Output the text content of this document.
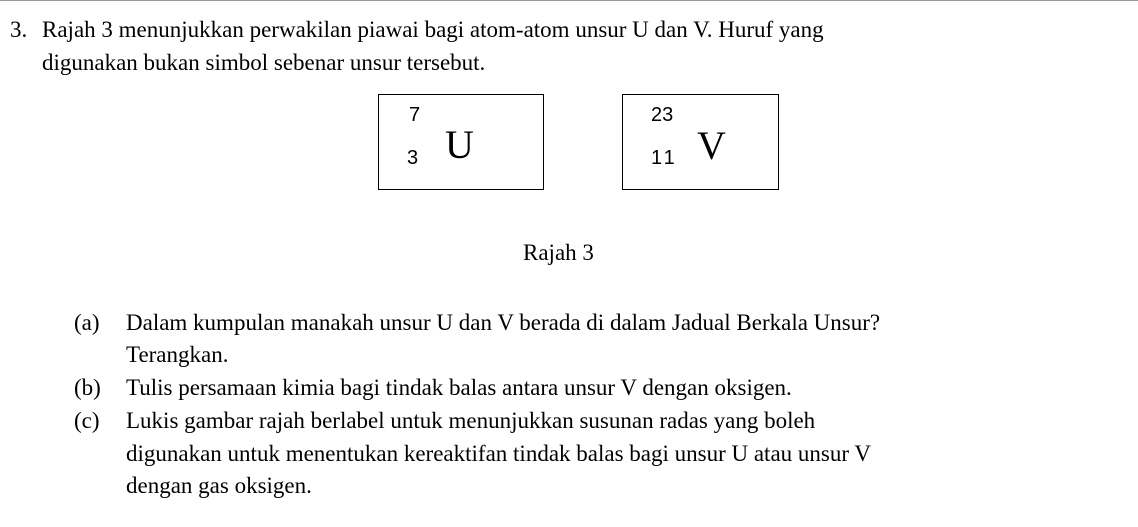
3. Rajah 3 menunjukkan perwakilan piawai bagi atom-atom unsur U dan V. Huruf yang
digunakan bukan simbol sebenar unsur tersebut.
7
3 U
23
11 V
Rajah 3
(a) Dalam kumpulan manakah unsur U dan V berada di dalam Jadual Berkala Unsur?
Terangkan.
(b) Tulis persamaan kimia bagi tindak balas antara unsur V dengan oksigen.
(c) Lukis gambar rajah berlabel untuk menunjukkan susunan radas yang boleh
digunakan untuk menentukan kereaktifan tindak balas bagi unsur U atau unsur V
dengan gas oksigen.
